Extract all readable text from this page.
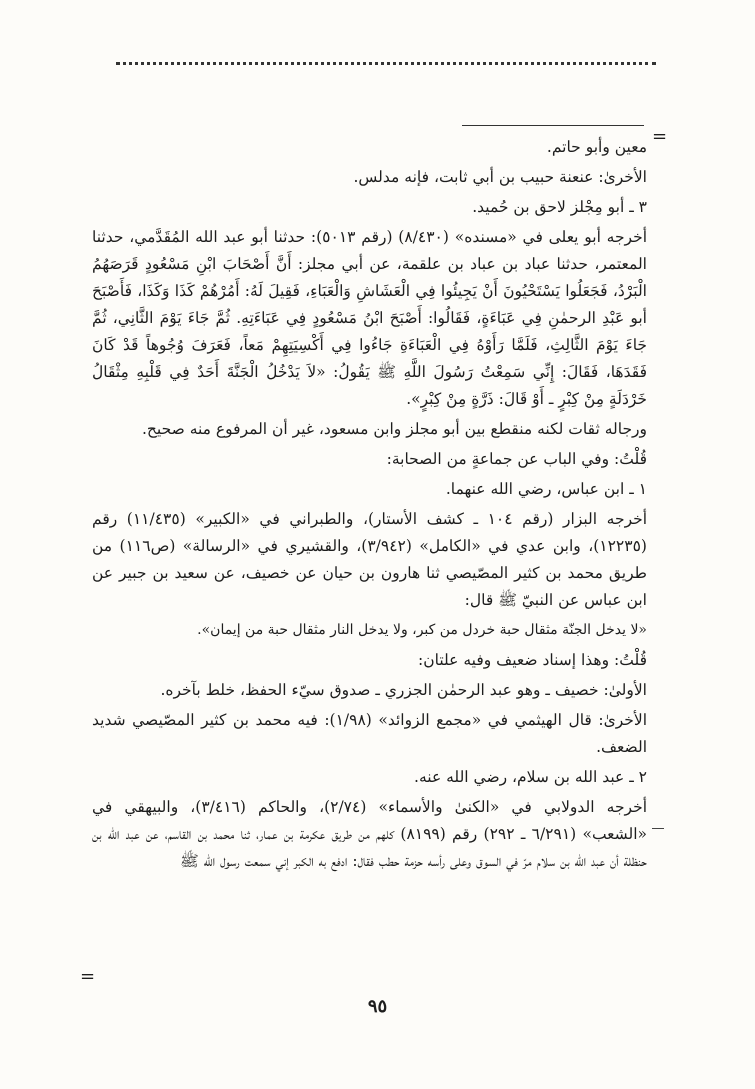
=

معين وأبو حاتم.

الأخرىٰ: عنعنة حبيب بن أبي ثابت، فإنه مدلس.

٣ ـ أبو مِجْلز لاحق بن حُميد.

أخرجه أبو يعلى في «مسنده» (٨/٤٣٠) (رقم ٥٠١٣): حدثنا أبو عبد الله المُقَدَّمي، حدثنا المعتمر، حدثنا عباد بن عباد بن علقمة، عن أبي مجلز: أَنَّ أَصْحَابَ ابْنِ مَسْعُودٍ قَرَصَهُمُ الْبَرْدُ، فَجَعَلُوا يَسْتَحْيُونَ أَنْ يَجِيئُوا فِي الْعَشَاشِ وَالْعَبَاءِ، فَقِيلَ لَهُ: أَمُرْهُمْ كَذَا وَكَذَا، فَأَصْبَحَ أبو عَبْدِ الرحمٰنِ فِي عَبَاءَةٍ، فَقَالُوا: أَصْبَحَ ابْنُ مَسْعُودٍ فِي عَبَاءَتِهِ. ثُمَّ جَاءَ يَوْمَ الثَّانِي، ثُمَّ جَاءَ يَوْمَ الثَّالِثِ، فَلَمَّا رَأَوْهُ فِي الْعَبَاءَةِ جَاءُوا فِي أَكْسِيَتِهِمْ مَعاً، فَعَرَفَ وُجُوهاً قَدْ كَانَ فَقَدَهَا، فَقَالَ: إِنِّي سَمِعْتُ رَسُولَ اللَّهِ ﷺ يَقُولُ: «لاَ يَدْخُلُ الْجَنَّةَ أَحَدٌ فِي قَلْبِهِ مِثْقَالُ خَرْدَلَةٍ مِنْ كِبْرٍ ـ أَوْ قَالَ: ذَرَّةٍ مِنْ كِبْرٍ».

ورجاله ثقات لكنه منقطع بين أبو مجلز وابن مسعود، غير أن المرفوع منه صحيح.

قُلْتُ: وفي الباب عن جماعةٍ من الصحابة:

١ ـ ابن عباس، رضي الله عنهما.

أخرجه البزار (رقم ١٠٤ ـ كشف الأستار)، والطبراني في «الكبير» (١١/٤٣٥) رقم (١٢٢٣٥)، وابن عدي في «الكامل» (٣/٩٤٢)، والقشيري في «الرسالة» (ص١١٦) من طريق محمد بن كثير المصّيصي ثنا هارون بن حيان عن خصيف، عن سعيد بن جبير عن ابن عباس عن النبيّ ﷺ قال:

«لا يدخل الجنّة مثقال حبة خردل من كبر، ولا يدخل النار مثقال حبة من إيمان».

قُلْتُ: وهذا إسناد ضعيف وفيه علتان:

الأولىٰ: خصيف ـ وهو عبد الرحمٰن الجزري ـ صدوق سيّء الحفظ، خلط بآخره.

الأخرىٰ: قال الهيثمي في «مجمع الزوائد» (١/٩٨): فيه محمد بن كثير المصّيصي شديد الضعف.

٢ ـ عبد الله بن سلام، رضي الله عنه.

أخرجه الدولابي في «الكنىٰ والأسماء» (٢/٧٤)، والحاكم (٣/٤١٦)، والبيهقي في «الشعب» (٦/٢٩١ ـ ٢٩٢) رقم (٨١٩٩) كلهم من طريق عكرمة بن عمار، ثنا محمد بن القاسم، عن عبد الله بن حنظلة أن عبد الله بن سلام مرّ في السوق وعلى رأسه حزمة حطب فقال: ادفع به الكبر إني سمعت رسول الله ﷺ

=
٩٥
